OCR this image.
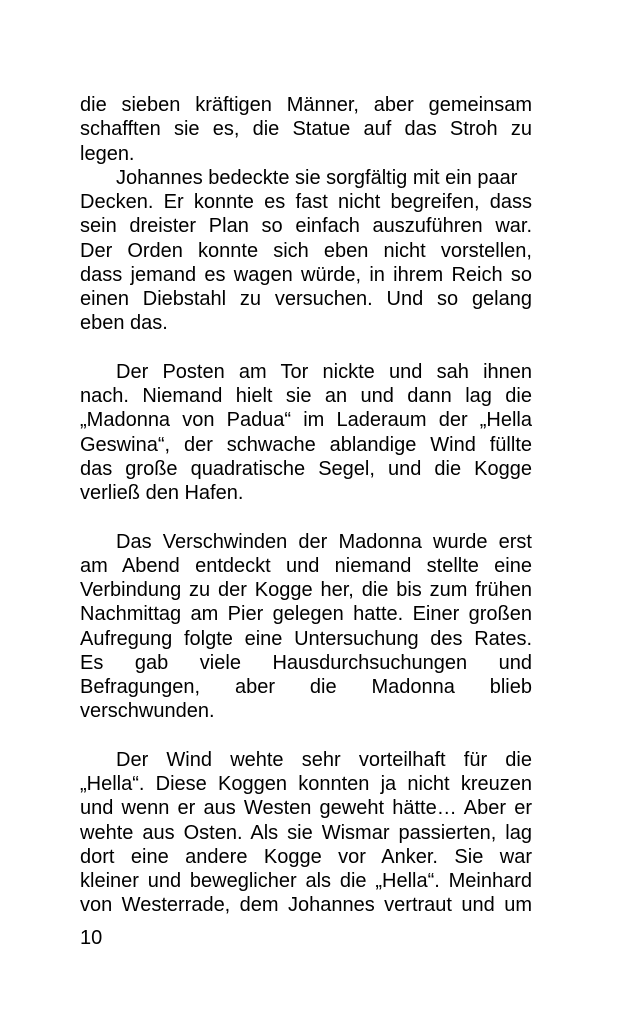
die sieben kräftigen Männer, aber gemeinsam
schafften sie es, die Statue auf das Stroh zu
legen.
Johannes bedeckte sie sorgfältig mit ein paar
Decken. Er konnte es fast nicht begreifen, dass
sein dreister Plan so einfach auszuführen war.
Der Orden konnte sich eben nicht vorstellen,
dass jemand es wagen würde, in ihrem Reich so
einen Diebstahl zu versuchen. Und so gelang
eben das.
Der Posten am Tor nickte und sah ihnen
nach. Niemand hielt sie an und dann lag die
„Madonna von Padua“ im Laderaum der „Hella
Geswina“, der schwache ablandige Wind füllte
das große quadratische Segel, und die Kogge
verließ den Hafen.
Das Verschwinden der Madonna wurde erst
am Abend entdeckt und niemand stellte eine
Verbindung zu der Kogge her, die bis zum frühen
Nachmittag am Pier gelegen hatte. Einer großen
Aufregung folgte eine Untersuchung des Rates.
Es gab viele Hausdurchsuchungen und
Befragungen, aber die Madonna blieb
verschwunden.
Der Wind wehte sehr vorteilhaft für die
„Hella“. Diese Koggen konnten ja nicht kreuzen
und wenn er aus Westen geweht hätte… Aber er
wehte aus Osten. Als sie Wismar passierten, lag
dort eine andere Kogge vor Anker. Sie war
kleiner und beweglicher als die „Hella“. Meinhard
von Westerrade, dem Johannes vertraut und um
10
